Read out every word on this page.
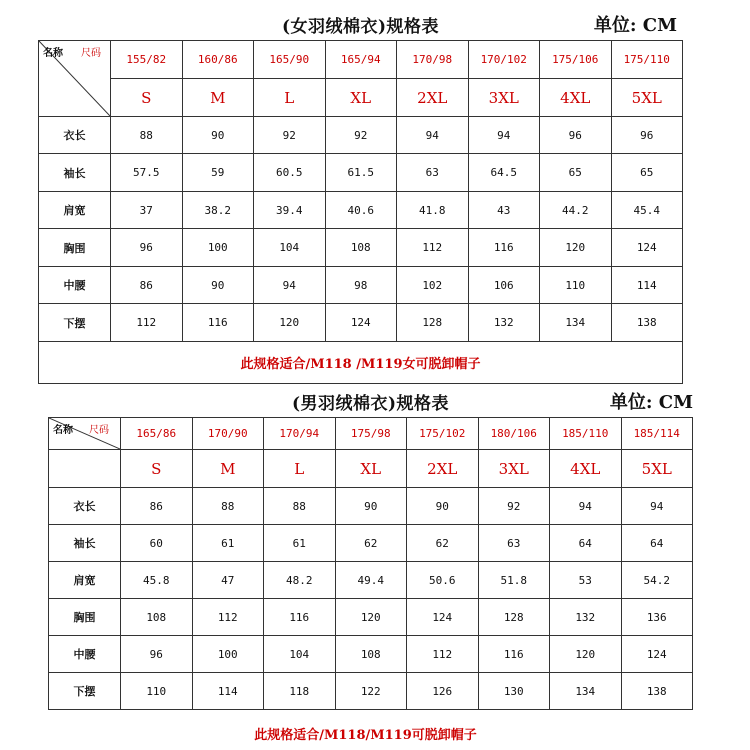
(女羽绒棉衣)规格表	单位: CM
名称 尺码	155/82	160/86	165/90	165/94	170/98	170/102	175/106	175/110
	S	M	L	XL	2XL	3XL	4XL	5XL
衣长	88	90	92	92	94	94	96	96
袖长	57.5	59	60.5	61.5	63	64.5	65	65
肩宽	37	38.2	39.4	40.6	41.8	43	44.2	45.4
胸围	96	100	104	108	112	116	120	124
中腰	86	90	94	98	102	106	110	114
下摆	112	116	120	124	128	132	134	138
此规格适合/M118 /M119女可脱卸帽子								
(男羽绒棉衣)规格表	单位: CM
名称 尺码	165/86	170/90	170/94	175/98	175/102	180/106	185/110	185/114
	S	M	L	XL	2XL	3XL	4XL	5XL
衣长	86	88	88	90	90	92	94	94
袖长	60	61	61	62	62	63	64	64
肩宽	45.8	47	48.2	49.4	50.6	51.8	53	54.2
胸围	108	112	116	120	124	128	132	136
中腰	96	100	104	108	112	116	120	124
下摆	110	114	118	122	126	130	134	138
此规格适合/M118/M119可脱卸帽子
